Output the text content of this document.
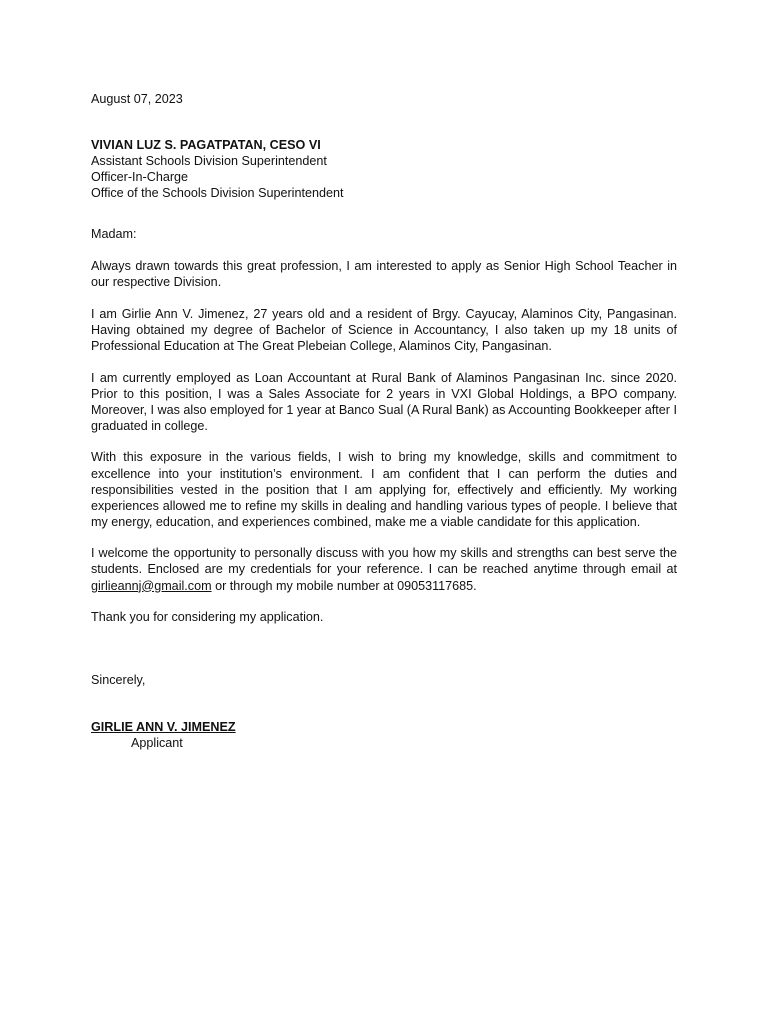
August 07, 2023
VIVIAN LUZ S. PAGATPATAN, CESO VI
Assistant Schools Division Superintendent
Officer-In-Charge
Office of the Schools Division Superintendent
Madam:

Always drawn towards this great profession, I am interested to apply as Senior High School Teacher in our respective Division.

I am Girlie Ann V. Jimenez, 27 years old and a resident of Brgy. Cayucay, Alaminos City, Pangasinan. Having obtained my degree of Bachelor of Science in Accountancy, I also taken up my 18 units of Professional Education at The Great Plebeian College, Alaminos City, Pangasinan.

I am currently employed as Loan Accountant at Rural Bank of Alaminos Pangasinan Inc. since 2020. Prior to this position, I was a Sales Associate for 2 years in VXI Global Holdings, a BPO company. Moreover, I was also employed for 1 year at Banco Sual (A Rural Bank) as Accounting Bookkeeper after I graduated in college.

With this exposure in the various fields, I wish to bring my knowledge, skills and commitment to excellence into your institution’s environment. I am confident that I can perform the duties and responsibilities vested in the position that I am applying for, effectively and efficiently. My working experiences allowed me to refine my skills in dealing and handling various types of people. I believe that my energy, education, and experiences combined, make me a viable candidate for this application.

I welcome the opportunity to personally discuss with you how my skills and strengths can best serve the students. Enclosed are my credentials for your reference. I can be reached anytime through email at girlieannj@gmail.com or through my mobile number at 09053117685.

Thank you for considering my application.
Sincerely,
GIRLIE ANN V. JIMENEZ
Applicant
